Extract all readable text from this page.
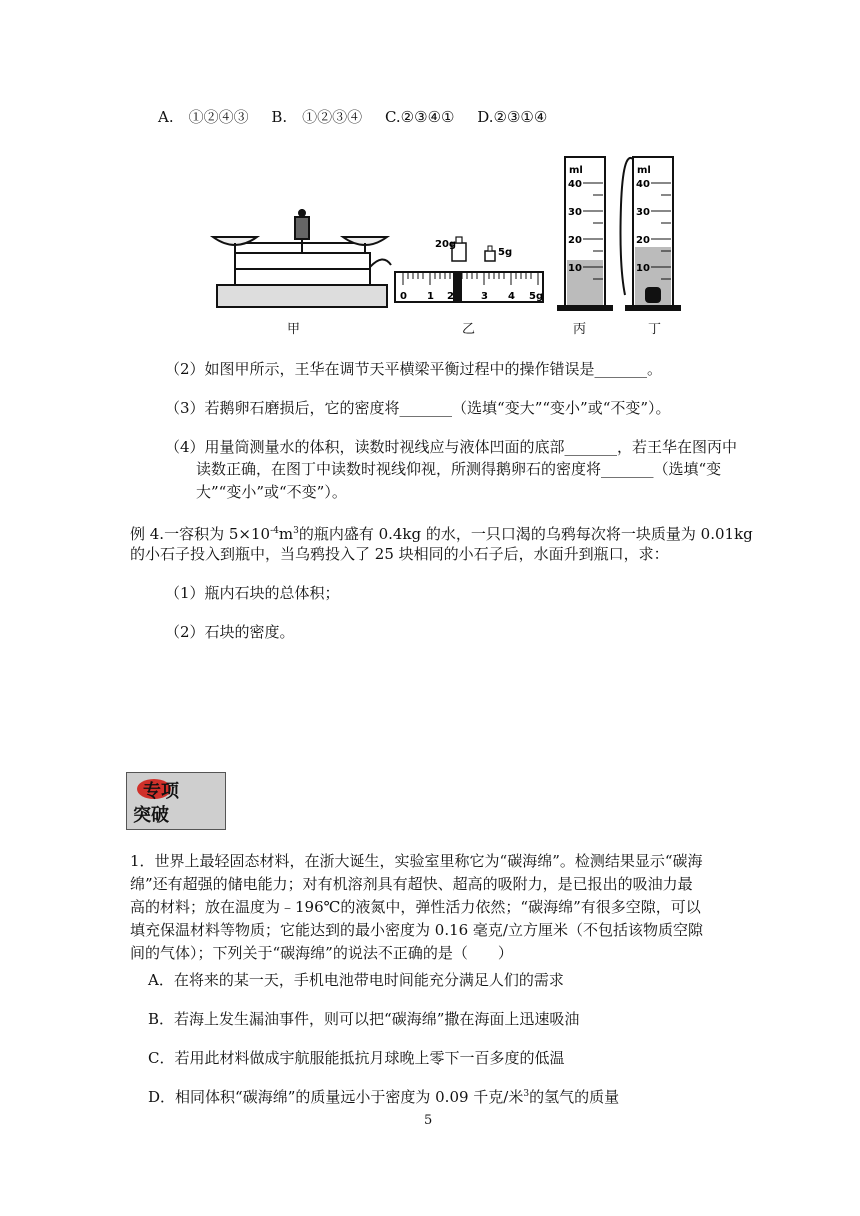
A.　①②④③ B.　①②③④ C.②③④① D.②③①④
20g
5g
0 1 2	3 4 5g
ml
40
30
20
10
ml
40
30
20
10
甲	乙	丙	丁
（2）如图甲所示，王华在调节天平横梁平衡过程中的操作错误是_______。
（3）若鹅卵石磨损后，它的密度将_______（选填“变大”“变小”或“不变”）。
（4）用量筒测量水的体积，读数时视线应与液体凹面的底部_______，若王华在图丙中
读数正确，在图丁中读数时视线仰视，所测得鹅卵石的密度将_______（选填“变
大”“变小”或“不变”）。
例 4.一容积为 $5\times 10^{-4}m^3$的瓶内盛有 0.4kg 的水，一只口渴的乌鸦每次将一块质量为 0.01kg
的小石子投入到瓶中，当乌鸦投入了 25 块相同的小石子后，水面升到瓶口，求：
（1）瓶内石块的总体积；
（2）石块的密度。
专项
突破
1．世界上最轻固态材料，在浙大诞生，实验室里称它为“碳海绵”。检测结果显示“碳海
绵”还有超强的储电能力；对有机溶剂具有超快、超高的吸附力，是已报出的吸油力最
高的材料；放在温度为﹣196℃的液氮中，弹性活力依然；“碳海绵”有很多空隙，可以
填充保温材料等物质；它能达到的最小密度为 0.16 毫克/立方厘米（不包括该物质空隙
间的气体）；下列关于“碳海绵”的说法不正确的是（　　）
A．在将来的某一天，手机电池带电时间能充分满足人们的需求
B．若海上发生漏油事件，则可以把“碳海绵”撒在海面上迅速吸油
C．若用此材料做成宇航服能抵抗月球晚上零下一百多度的低温
D．相同体积“碳海绵”的质量远小于密度为 0.09 千克/米$^3$的氢气的质量
5
